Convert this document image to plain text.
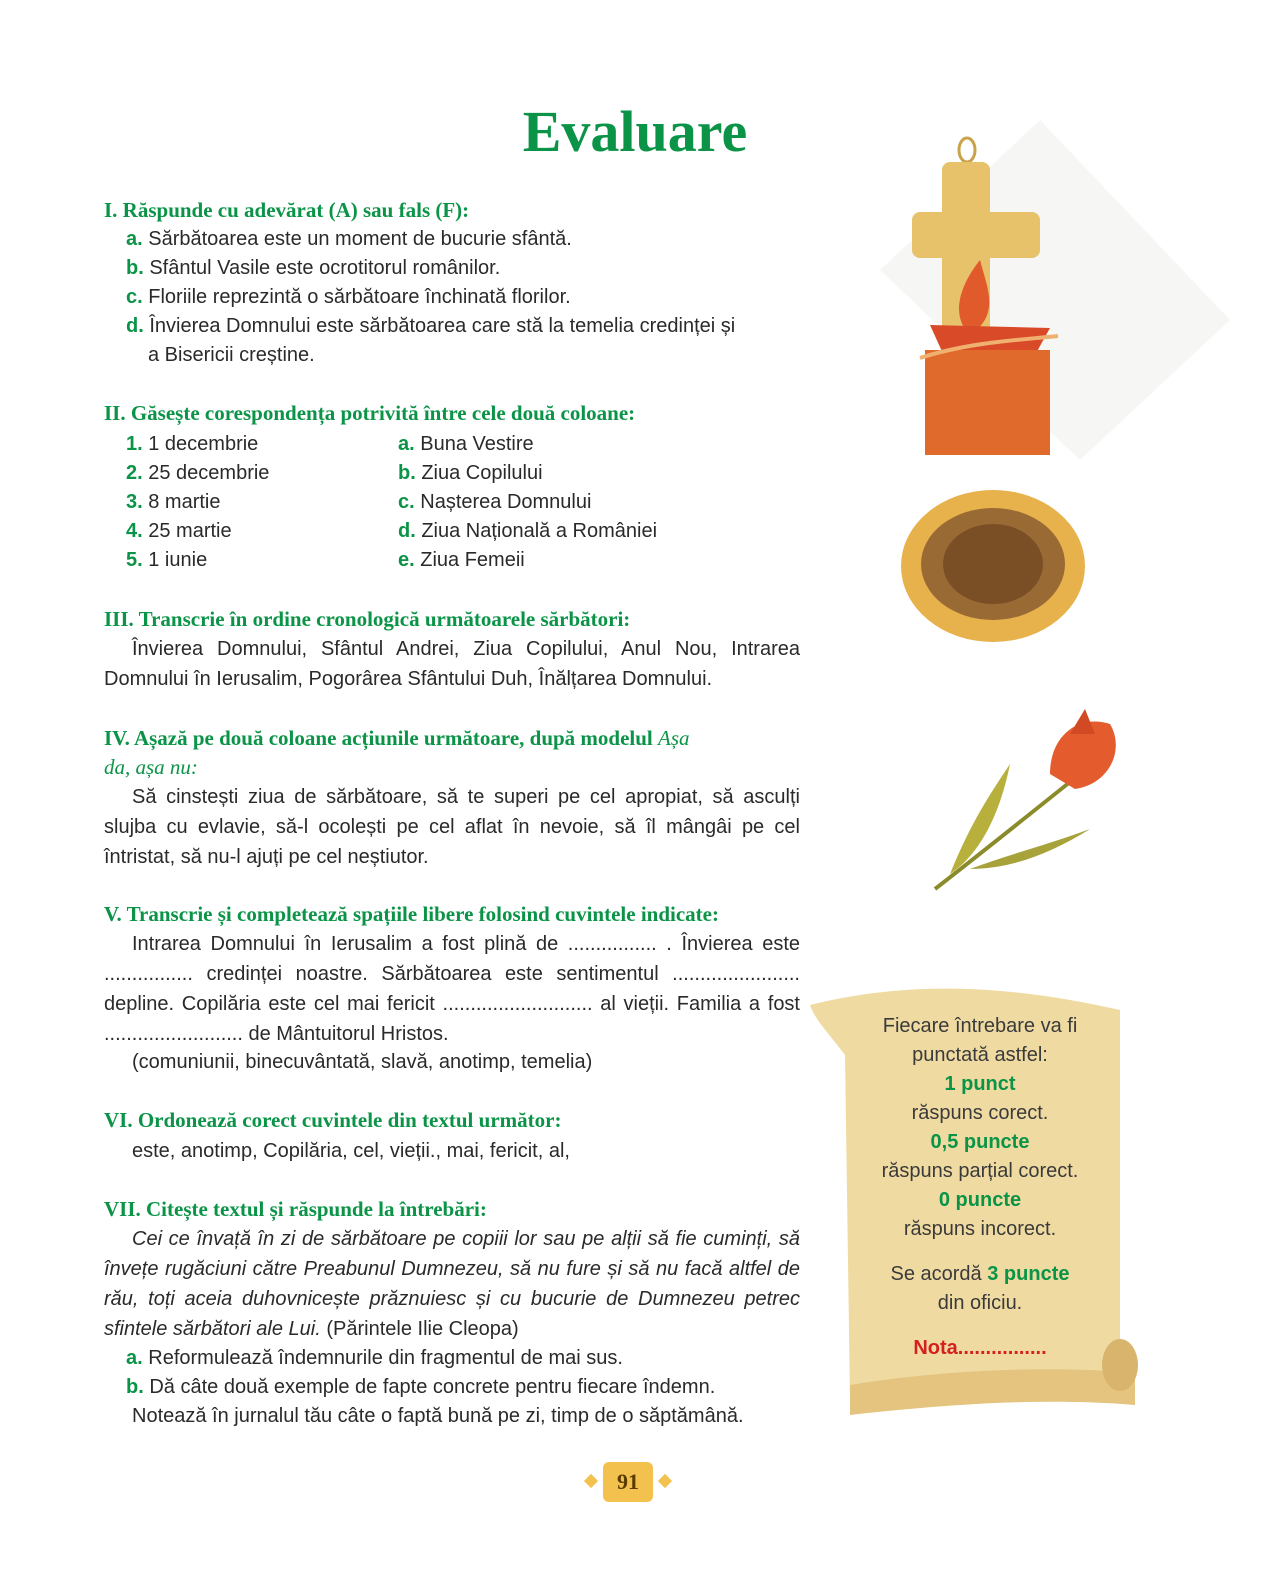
Evaluare
I. Răspunde cu adevărat (A) sau fals (F):
a. Sărbătoarea este un moment de bucurie sfântă.
b. Sfântul Vasile este ocrotitorul românilor.
c. Floriile reprezintă o sărbătoare închinată florilor.
d. Învierea Domnului este sărbătoarea care stă la temelia credinței și
a Bisericii creștine.
II. Găsește corespondența potrivită între cele două coloane:
1. 1 decembrie
2. 25 decembrie
3. 8 martie
4. 25 martie
5. 1 iunie
a. Buna Vestire
b. Ziua Copilului
c. Nașterea Domnului
d. Ziua Națională a României
e. Ziua Femeii
III. Transcrie în ordine cronologică următoarele sărbători:
Învierea Domnului, Sfântul Andrei, Ziua Copilului, Anul Nou, Intrarea Domnului în Ierusalim, Pogorârea Sfântului Duh, Înălțarea Domnului.
IV. Așază pe două coloane acțiunile următoare, după modelul Așa
da, așa nu:
Să cinstești ziua de sărbătoare, să te superi pe cel apropiat, să asculți slujba cu evlavie, să-l ocolești pe cel aflat în nevoie, să îl mângâi pe cel întristat, să nu-l ajuți pe cel neștiutor.
V. Transcrie și completează spațiile libere folosind cuvintele indicate:
Intrarea Domnului în Ierusalim a fost plină de ................ . Învierea este ................ credinței noastre. Sărbătoarea este sentimentul ....................... depline. Copilăria este cel mai fericit ........................... al vieții. Familia a fost ......................... de Mântuitorul Hristos.
(comuniunii, binecuvântată, slavă, anotimp, temelia)
VI. Ordonează corect cuvintele din textul următor:
este, anotimp, Copilăria, cel, vieții., mai, fericit, al,
VII. Citește textul și răspunde la întrebări:
Cei ce învață în zi de sărbătoare pe copiii lor sau pe alții să fie cuminți, să învețe rugăciuni către Preabunul Dumnezeu, să nu fure și să nu facă altfel de rău, toți aceia duhovnicește prăznuiesc și cu bucurie de Dumnezeu petrec sfintele sărbători ale Lui. (Părintele Ilie Cleopa)
a. Reformulează îndemnurile din fragmentul de mai sus.
b. Dă câte două exemple de fapte concrete pentru fiecare îndemn.
Notează în jurnalul tău câte o faptă bună pe zi, timp de o săptămână.
Fiecare întrebare va fi
punctată astfel:
1 punct
răspuns corect.
0,5 puncte
răspuns parțial corect.
0 puncte
răspuns incorect.
Se acordă 3 puncte
din oficiu.
Nota................
91
